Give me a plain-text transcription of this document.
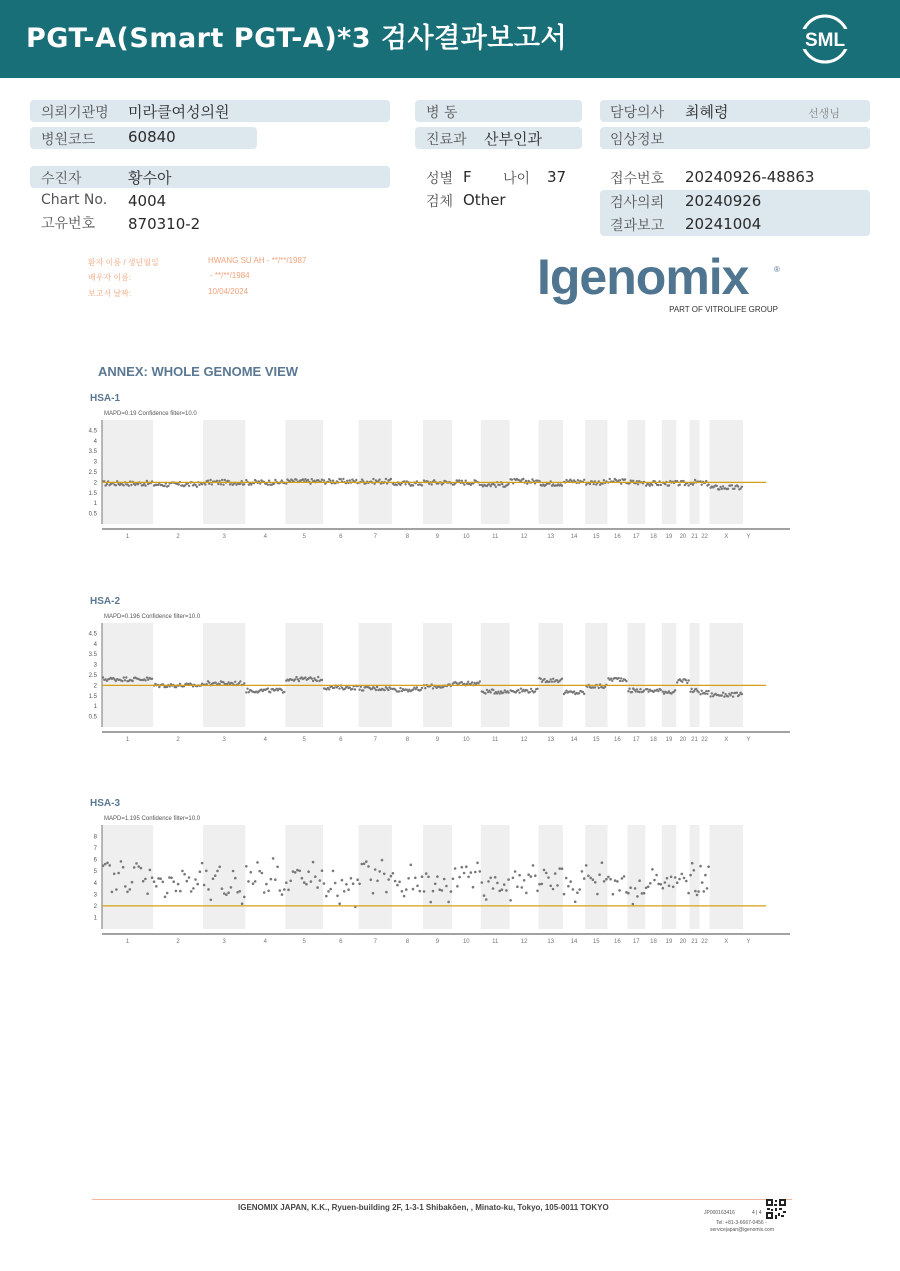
PGT-A(Smart PGT-A)*3 검사결과보고서	SML
의뢰기관명 미라클여성의원
병원코드 60840
병 동
진료과 산부인과
담당의사 최혜령	선생님
임상정보
수진자	황수아
Chart No. 4004
고유번호 870310-2
성별 F 나이 37
검체 Other
접수번호 20240926-48863
검사의뢰 20240926
결과보고 20241004
환자 이름 / 생년월일	HWANG SU AH - **/**/1987
배우자 이름:	- **/**/1984
보고서 날짜:	10/04/2024	Igenomix	®
PART OF VITROLIFE GROUP
ANNEX: WHOLE GENOME VIEW
HSA-1
MAPD=0.19 Confidence filter=10.0
4.5
4
3.5
3
2.5
2
1.5
1
0.5
1	2	3	4	5	6	7	8	9	10	11	12	13	14	15 16 17 18 19 20 21 22	X	Y
HSA-2
MAPD=0.196 Confidence filter=10.0
4.5
4
3.5
3
2.5
2
1.5
1
0.5
1	2	3	4	5	6	7	8	9	10	11	12	13	14	15 16 17 18 19 20 21 22	X	Y
HSA-3
MAPD=1.195 Confidence filter=10.0
8
7
6
5
4
3
2
1
1	2	3	4	5	6	7	8	9	10	11	12	13	14	15 16 17 18 19 20 21 22	X	Y
IGENOMIX JAPAN, K.K., Ryuen-building 2F, 1-3-1 Shibakōen, , Minato-ku, Tokyo, 105-0011 TOKYO
JP000163416	4 | 4
Tel: +81-3-6667-0456 -
servicejapan@igenomix.com
